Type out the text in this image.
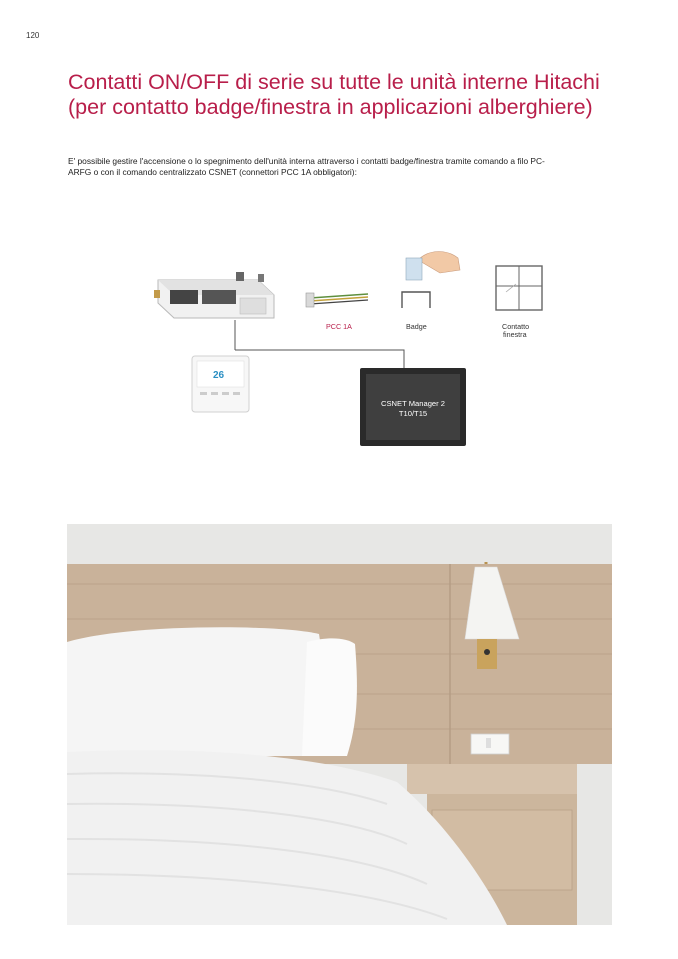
120
Contatti ON/OFF di serie su tutte le unità interne Hitachi (per contatto badge/finestra in applicazioni alberghiere)

E' possibile gestire l'accensione o lo spegnimento dell'unità interna attraverso i contatti badge/finestra tramite comando a filo PC-ARFG o con il comando centralizzato CSNET (connettori PCC 1A obbligatori):

26
PCC 1A	Badge	Contatto
finestra
CSNET Manager 2
T10/T15
